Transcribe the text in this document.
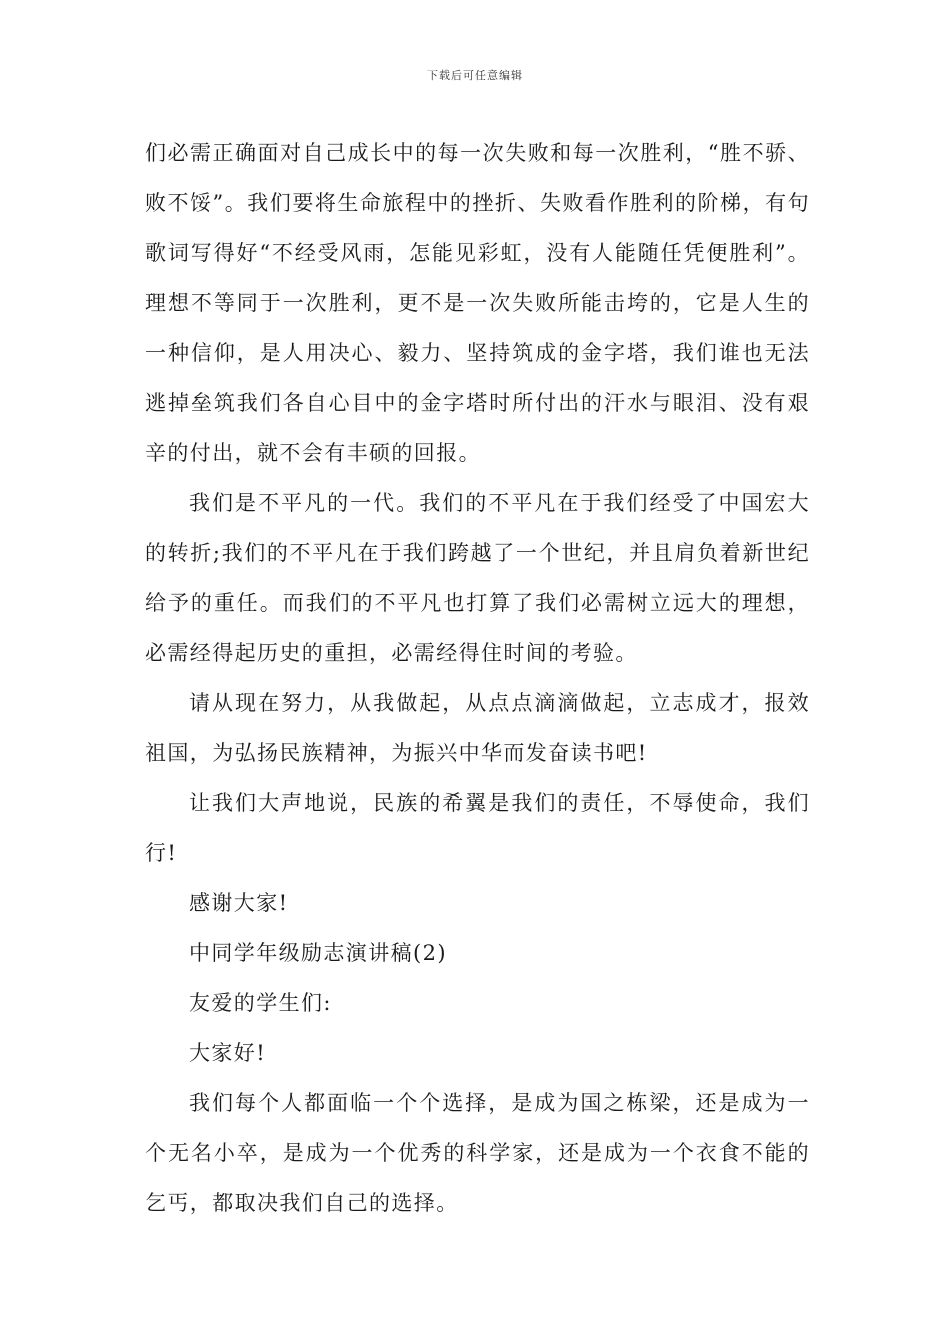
下载后可任意编辑

们必需正确面对自己成长中的每一次失败和每一次胜利，“胜不骄、败不馁”。我们要将生命旅程中的挫折、失败看作胜利的阶梯，有句歌词写得好“不经受风雨，怎能见彩虹，没有人能随任凭便胜利”。理想不等同于一次胜利，更不是一次失败所能击垮的，它是人生的一种信仰，是人用决心、毅力、坚持筑成的金字塔，我们谁也无法逃掉垒筑我们各自心目中的金字塔时所付出的汗水与眼泪、没有艰辛的付出，就不会有丰硕的回报。

我们是不平凡的一代。我们的不平凡在于我们经受了中国宏大的转折;我们的不平凡在于我们跨越了一个世纪，并且肩负着新世纪给予的重任。而我们的不平凡也打算了我们必需树立远大的理想，必需经得起历史的重担，必需经得住时间的考验。

请从现在努力，从我做起，从点点滴滴做起，立志成才，报效祖国，为弘扬民族精神，为振兴中华而发奋读书吧!

让我们大声地说，民族的希翼是我们的责任，不辱使命，我们行!

感谢大家!

中同学年级励志演讲稿(2)

友爱的学生们:

大家好!

我们每个人都面临一个个选择，是成为国之栋梁，还是成为一个无名小卒，是成为一个优秀的科学家，还是成为一个衣食不能的乞丐，都取决我们自己的选择。
